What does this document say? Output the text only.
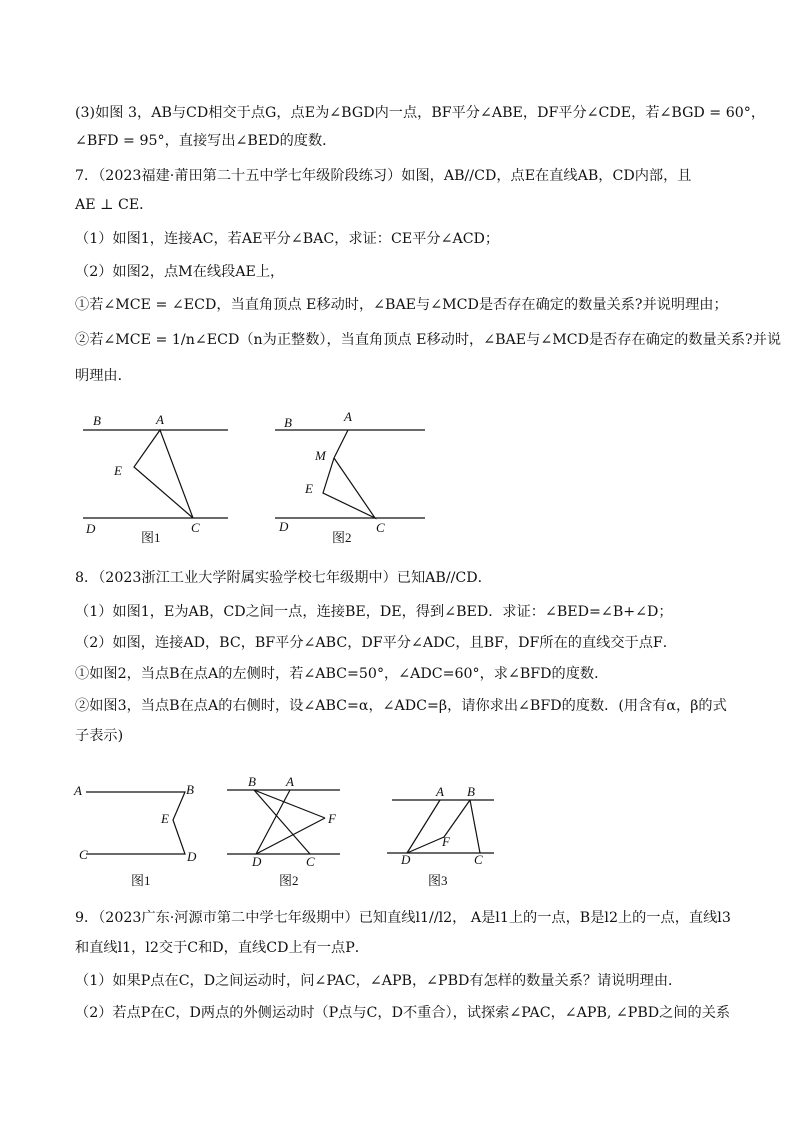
(3)如图 3，AB与CD相交于点G，点E为∠BGD内一点，BF平分∠ABE，DF平分∠CDE，若∠BGD = 60°，
∠BFD = 95°，直接写出∠BED的度数．
7．（2023福建·莆田第二十五中学七年级阶段练习）如图，AB//CD，点E在直线AB，CD内部，且
AE ⊥ CE．
（1）如图1，连接AC，若AE平分∠BAC，求证：CE平分∠ACD；
（2）如图2，点M在线段AE上，
①若∠MCE = ∠ECD，当直角顶点 E移动时，∠BAE与∠MCD是否存在确定的数量关系?并说明理由；
②若∠MCE = 1/n∠ECD（n为正整数），当直角顶点 E移动时，∠BAE与∠MCD是否存在确定的数量关系?并说
明理由．
B	A
E
D	C
图1
B	A
M
E
D	C
图2
8．（2023浙江工业大学附属实验学校七年级期中）已知AB//CD．
（1）如图1，E为AB，CD之间一点，连接BE，DE，得到∠BED．求证：∠BED=∠B+∠D；
（2）如图，连接AD，BC，BF平分∠ABC，DF平分∠ADC，且BF，DF所在的直线交于点F．
①如图2，当点B在点A的左侧时，若∠ABC=50°，∠ADC=60°，求∠BFD的度数．
②如图3，当点B在点A的右侧时，设∠ABC=α，∠ADC=β，请你求出∠BFD的度数．(用含有α，β的式
子表示)
A	B
E
C	D
图1
B A
F
D	C
图2
A B
F
D	C
图3
9．（2023广东·河源市第二中学七年级期中）已知直线l1//l2， A是l1上的一点，B是l2上的一点，直线l3
和直线l1，l2交于C和D，直线CD上有一点P．
（1）如果P点在C，D之间运动时，问∠PAC，∠APB，∠PBD有怎样的数量关系？请说明理由．
（2）若点P在C，D两点的外侧运动时（P点与C，D不重合），试探索∠PAC，∠APB, ∠PBD之间的关系
